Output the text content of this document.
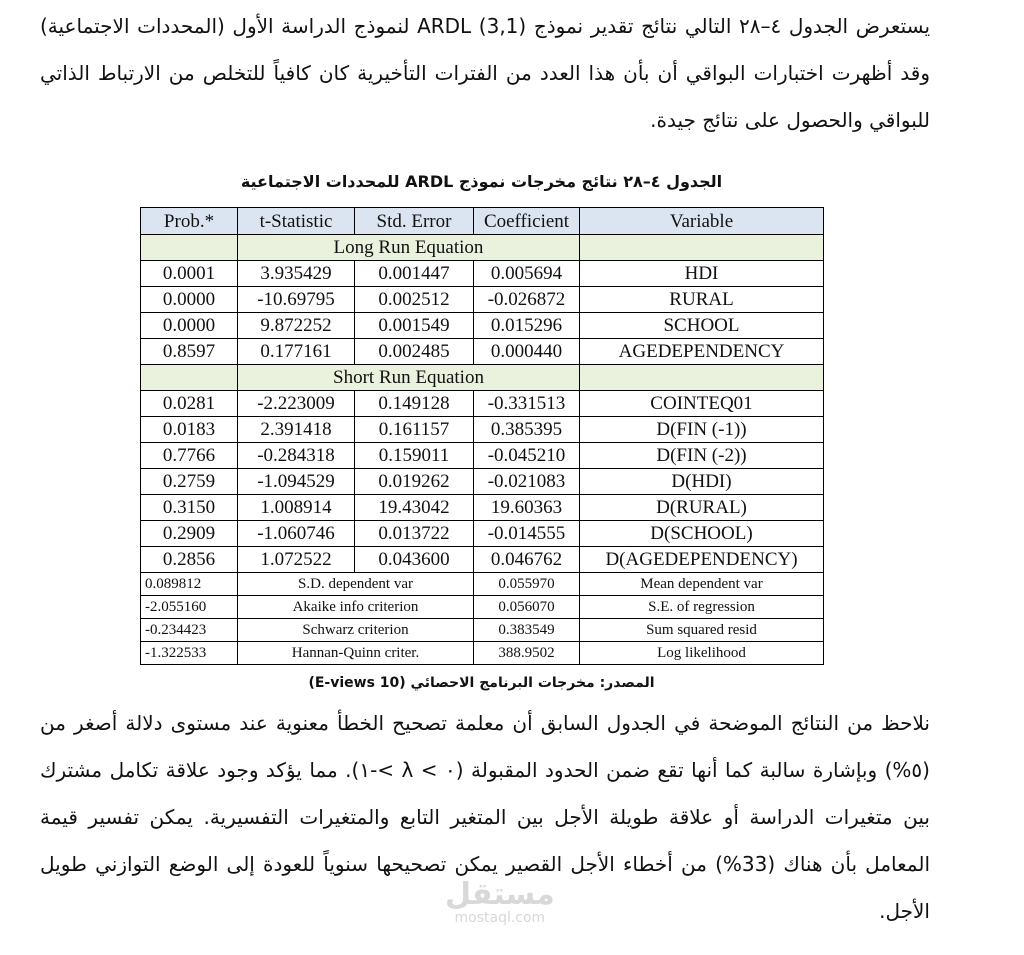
يستعرض الجدول ٤–٢٨ التالي نتائج تقدير نموذج ARDL (3,1) لنموذج الدراسة الأول (المحددات الاجتماعية) وقد أظهرت اختبارات البواقي أن بأن هذا العدد من الفترات التأخيرية كان كافياً للتخلص من الارتباط الذاتي للبواقي والحصول على نتائج جيدة.

الجدول ٤–٢٨ نتائج مخرجات نموذج ARDL للمحددات الاجتماعية

Prob.*	t-Statistic	Std. Error	Coefficient	Variable
	Long Run Equation			
0.0001	3.935429	0.001447	0.005694	HDI
0.0000	-10.69795	0.002512	-0.026872	RURAL
0.0000	9.872252	0.001549	0.015296	SCHOOL
0.8597	0.177161	0.002485	0.000440	AGEDEPENDENCY
	Short Run Equation			
0.0281	-2.223009	0.149128	-0.331513	COINTEQ01
0.0183	2.391418	0.161157	0.385395	D(FIN (-1))
0.7766	-0.284318	0.159011	-0.045210	D(FIN (-2))
0.2759	-1.094529	0.019262	-0.021083	D(HDI)
0.3150	1.008914	19.43042	19.60363	D(RURAL)
0.2909	-1.060746	0.013722	-0.014555	D(SCHOOL)
0.2856	1.072522	0.043600	0.046762	D(AGEDEPENDENCY)
0.089812	S.D. dependent var		0.055970	Mean dependent var
-2.055160	Akaike info criterion		0.056070	S.E. of regression
-0.234423	Schwarz criterion		0.383549	Sum squared resid
-1.322533	Hannan-Quinn criter.		388.9502	Log likelihood

المصدر: مخرجات البرنامج الاحصائي (E-views 10)

نلاحظ من النتائج الموضحة في الجدول السابق أن معلمة تصحيح الخطأ معنوية عند مستوى دلالة أصغر من (٥%) وبإشارة سالبة كما أنها تقع ضمن الحدود المقبولة (٠ > λ >-١). مما يؤكد وجود علاقة تكامل مشترك بين متغيرات الدراسة أو علاقة طويلة الأجل بين المتغير التابع والمتغيرات التفسيرية. يمكن تفسير قيمة المعامل بأن هناك (33%) من أخطاء الأجل القصير يمكن تصحيحها سنوياً للعودة إلى الوضع التوازني طويل الأجل.

مستقل
mostaql.com
